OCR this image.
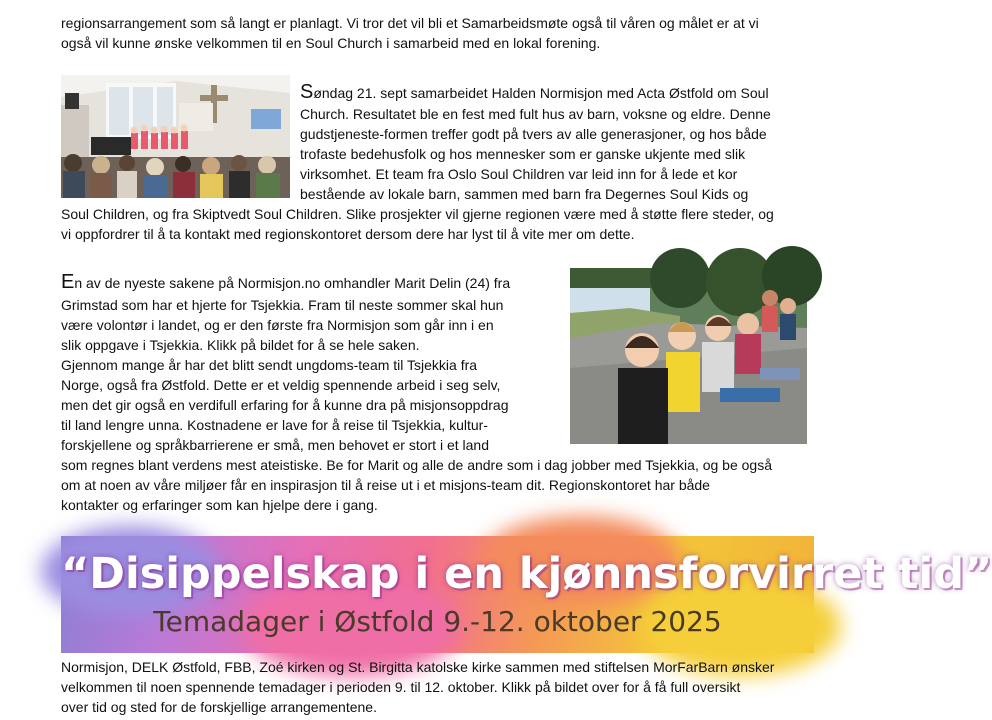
regionsarrangement som så langt er planlagt. Vi tror det vil bli et Samarbeidsmøte også til våren og målet er at vi
også vil kunne ønske velkommen til en Soul Church i samarbeid med en lokal forening.
Søndag 21. sept samarbeidet Halden Normisjon med Acta Østfold om Soul
Church. Resultatet ble en fest med fult hus av barn, voksne og eldre. Denne
gudstjeneste-formen treffer godt på tvers av alle generasjoner, og hos både
trofaste bedehusfolk og hos mennesker som er ganske ukjente med slik
virksomhet. Et team fra Oslo Soul Children var leid inn for å lede et kor
bestående av lokale barn, sammen med barn fra Degernes Soul Kids og
Soul Children, og fra Skiptvedt Soul Children. Slike prosjekter vil gjerne regionen være med å støtte flere steder, og
vi oppfordrer til å ta kontakt med regionskontoret dersom dere har lyst til å vite mer om dette.
En av de nyeste sakene på Normisjon.no omhandler Marit Delin (24) fra
Grimstad som har et hjerte for Tsjekkia. Fram til neste sommer skal hun
være volontør i landet, og er den første fra Normisjon som går inn i en
slik oppgave i Tsjekkia. Klikk på bildet for å se hele saken.
Gjennom mange år har det blitt sendt ungdoms-team til Tsjekkia fra
Norge, også fra Østfold. Dette er et veldig spennende arbeid i seg selv,
men det gir også en verdifull erfaring for å kunne dra på misjonsoppdrag
til land lengre unna. Kostnadene er lave for å reise til Tsjekkia, kultur-
forskjellene og språkbarrierene er små, men behovet er stort i et land
som regnes blant verdens mest ateistiske. Be for Marit og alle de andre som i dag jobber med Tsjekkia, og be også
om at noen av våre miljøer får en inspirasjon til å reise ut i et misjons-team dit. Regionskontoret har både
kontakter og erfaringer som kan hjelpe dere i gang.
“Disippelskap i en kjønnsforvirret tid”
Temadager i Østfold 9.-12. oktober 2025
Normisjon, DELK Østfold, FBB, Zoé kirken og St. Birgitta katolske kirke sammen med stiftelsen MorFarBarn ønsker
velkommen til noen spennende temadager i perioden 9. til 12. oktober. Klikk på bildet over for å få full oversikt
over tid og sted for de forskjellige arrangementene.
